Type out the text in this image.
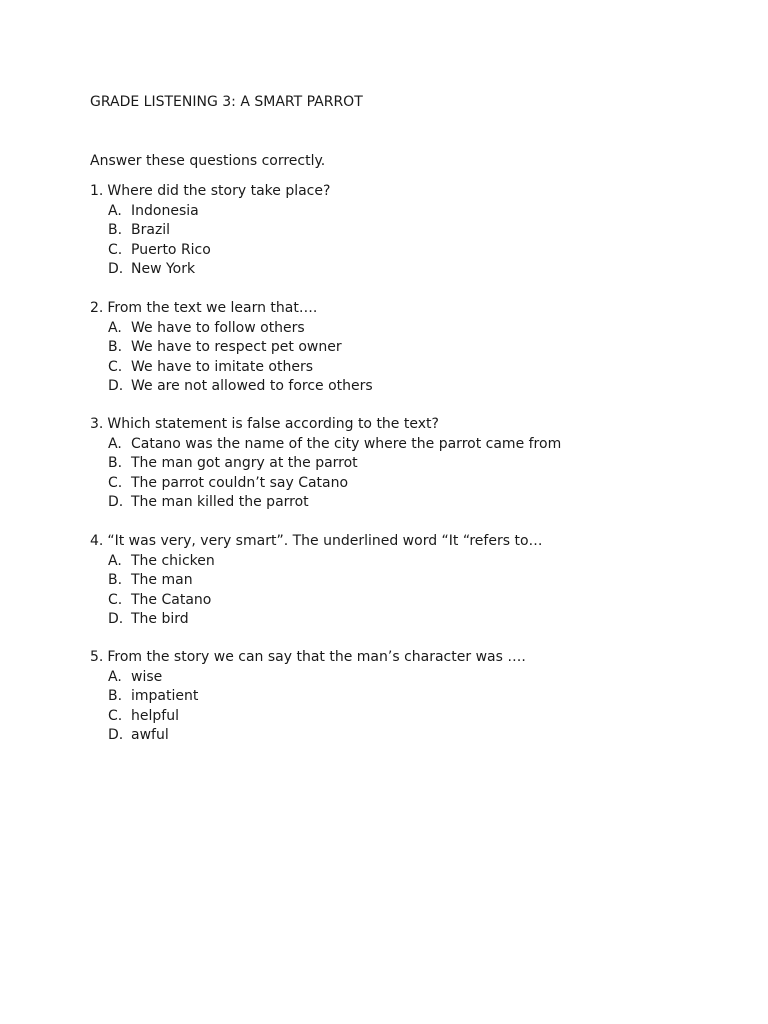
GRADE LISTENING 3: A SMART PARROT
Answer these questions correctly.
1. Where did the story take place?
A. Indonesia
B. Brazil
C. Puerto Rico
D. New York
2. From the text we learn that….
A. We have to follow others
B. We have to respect pet owner
C. We have to imitate others
D. We are not allowed to force others
3. Which statement is false according to the text?
A. Catano was the name of the city where the parrot came from
B. The man got angry at the parrot
C. The parrot couldn’t say Catano
D. The man killed the parrot
4. “It was very, very smart”. The underlined word “It “refers to…
A. The chicken
B. The man
C. The Catano
D. The bird
5. From the story we can say that the man’s character was ….
A. wise
B. impatient
C. helpful
D. awful
